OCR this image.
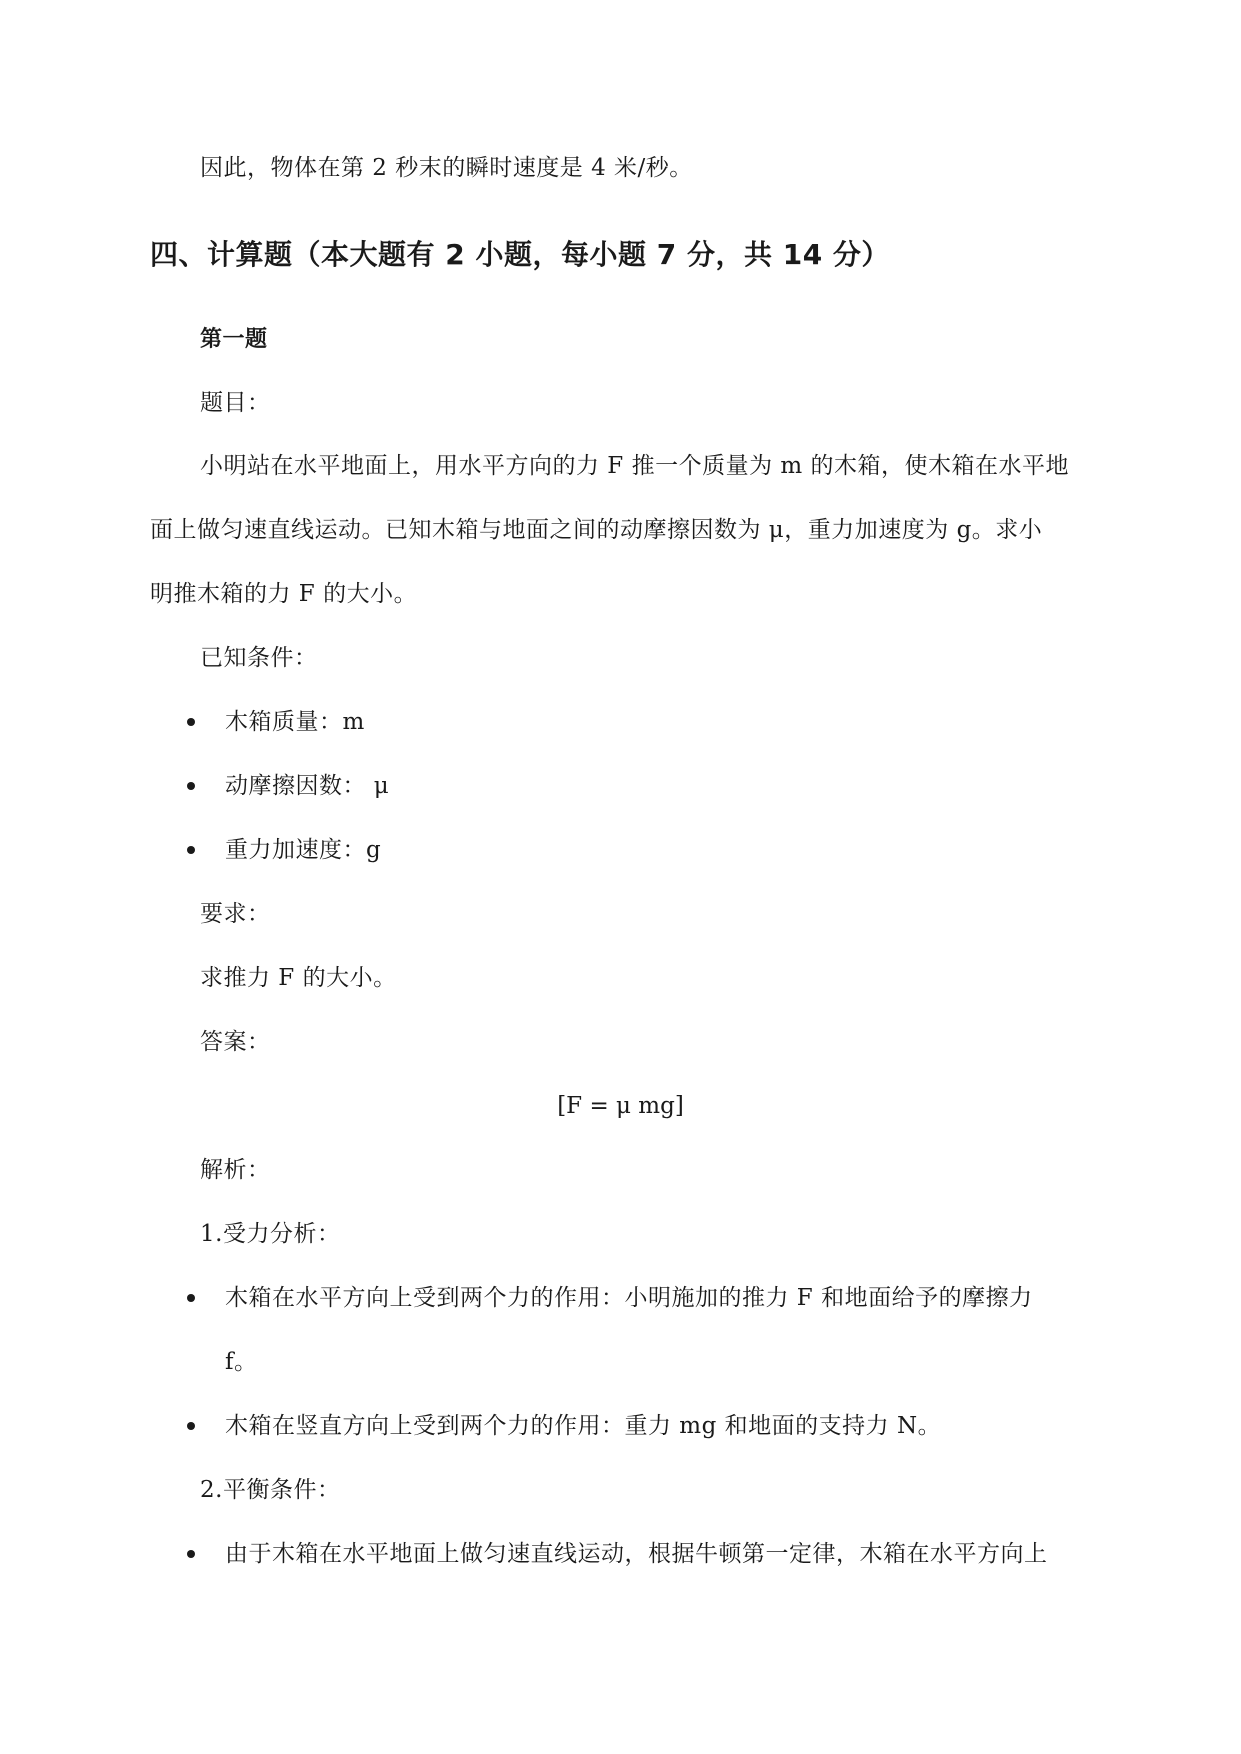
因此，物体在第 2 秒末的瞬时速度是 4 米/秒。
四、计算题（本大题有 2 小题，每小题 7 分，共 14 分）
第一题
题目：
小明站在水平地面上，用水平方向的力 F 推一个质量为 m 的木箱，使木箱在水平地
面上做匀速直线运动。已知木箱与地面之间的动摩擦因数为 μ，重力加速度为 g。求小
明推木箱的力 F 的大小。
已知条件：
木箱质量：m
动摩擦因数： μ
重力加速度：g
要求：
求推力 F 的大小。
答案：
[F = μ mg]
解析：
1.受力分析：
木箱在水平方向上受到两个力的作用：小明施加的推力 F 和地面给予的摩擦力
f。
木箱在竖直方向上受到两个力的作用：重力 mg 和地面的支持力 N。
2.平衡条件：
由于木箱在水平地面上做匀速直线运动，根据牛顿第一定律，木箱在水平方向上
